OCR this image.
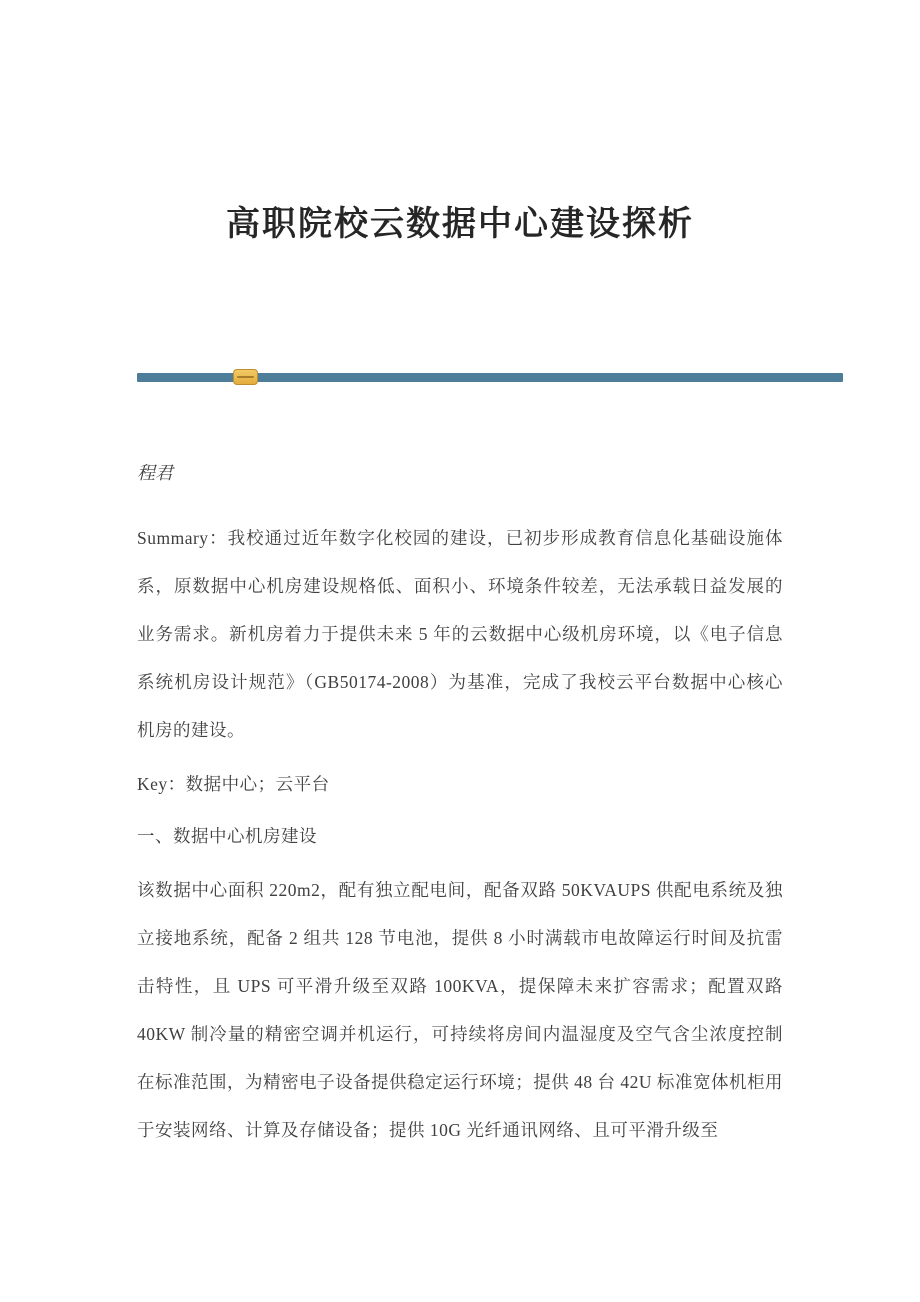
高职院校云数据中心建设探析
程君

Summary：我校通过近年数字化校园的建设，已初步形成教育信息化基础设施体系，原数据中心机房建设规格低、面积小、环境条件较差，无法承载日益发展的业务需求。新机房着力于提供未来 5 年的云数据中心级机房环境，以《电子信息系统机房设计规范》（GB50174-2008）为基准，完成了我校云平台数据中心核心机房的建设。

Key：数据中心；云平台

一、数据中心机房建设

该数据中心面积 220m2，配有独立配电间，配备双路 50KVAUPS 供配电系统及独立接地系统，配备 2 组共 128 节电池，提供 8 小时满载市电故障运行时间及抗雷击特性，且 UPS 可平滑升级至双路 100KVA，提保障未来扩容需求；配置双路 40KW 制冷量的精密空调并机运行，可持续将房间内温湿度及空气含尘浓度控制在标准范围，为精密电子设备提供稳定运行环境；提供 48 台 42U 标准宽体机柜用于安装网络、计算及存储设备；提供 10G 光纤通讯网络、且可平滑升级至
